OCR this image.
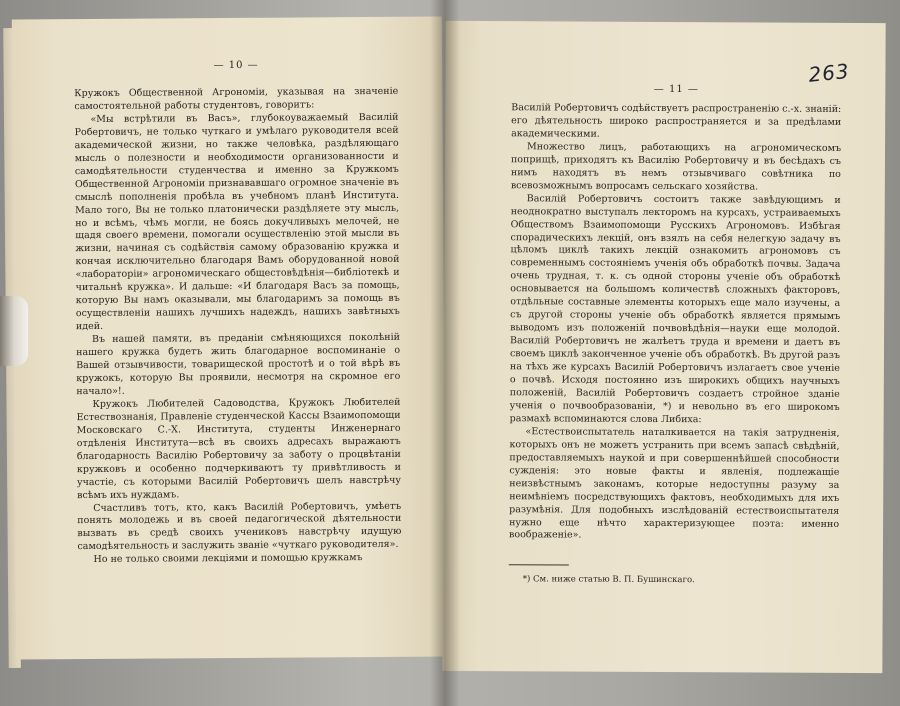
— 10 —

Кружокъ Общественной Агрономіи, указывая на значеніе самостоятельной работы студентовъ, говоритъ:

«Мы встрѣтили въ Васъ», глубокоуважаемый Василій Робертовичъ, не только чуткаго и умѣлаго руководителя всей академической жизни, но также человѣка, раздѣляющаго мысль о полезности и необходимости организованности и самодѣятельности студенчества и именно за Кружкомъ Общественной Агрономіи признававшаго огромное значеніе въ смыслѣ пополненія пробѣла въ учебномъ планѣ Института. Мало того, Вы не только платонически раздѣляете эту мысль, но и всѣмъ, чѣмъ могли, не боясь докучливыхъ мелочей, не щадя своего времени, помогали осуществленію этой мысли въ жизни, начиная съ содѣйствія самому образованію кружка и кончая исключительно благодаря Вамъ оборудованной новой «лабораторіи» агрономическаго общестовѣдѣнія—библіотекѣ и читальнѣ кружка». И дальше: «И благодаря Васъ за помощь, которую Вы намъ оказывали, мы благодаримъ за помощь въ осуществленіи нашихъ лучшихъ надеждъ, нашихъ завѣтныхъ идей.

Въ нашей памяти, въ преданіи смѣняющихся поколѣній нашего кружка будетъ жить благодарное воспоминаніе о Вашей отзывчивости, товарищеской простотѣ и о той вѣрѣ въ кружокъ, которую Вы проявили, несмотря на скромное его начало»!.

Кружокъ Любителей Садоводства, Кружокъ Любителей Естествознанія, Правленіе студенческой Кассы Взаимопомощи Московскаго С.-Х. Института, студенты Инженернаго отдѣленія Института—всѣ въ своихъ адресахъ выражаютъ благодарность Василію Робертовичу за заботу о процвѣтаніи кружковъ и особенно подчеркиваютъ ту привѣтливость и участіе, съ которыми Василій Робертовичъ шелъ навстрѣчу всѣмъ ихъ нуждамъ.

Счастливъ тотъ, кто, какъ Василій Робертовичъ, умѣетъ понять молодежь и въ своей педагогической дѣятельности вызвать въ средѣ своихъ учениковъ навстрѣчу идущую самодѣятельность и заслужить званіе «чуткаго руководителя».

Но не только своими лекціями и помощью кружкамъ

263
— 11 —

Василій Робертовичъ содѣйствуетъ распространенію с.-х. знаній: его дѣятельность широко распространяется и за предѣлами академическими.

Множество лицъ, работающихъ на агрономическомъ поприщѣ, приходятъ къ Василію Робертовичу и въ бесѣдахъ съ нимъ находятъ въ немъ отзывчиваго совѣтника по всевозможнымъ вопросамъ сельскаго хозяйства.

Василій Робертовичъ состоитъ также завѣдующимъ и неоднократно выступалъ лекторомъ на курсахъ, устраиваемыхъ Обществомъ Взаимопомощи Русскихъ Агрономовъ. Избѣгая спорадическихъ лекцій, онъ взялъ на себя нелегкую задачу въ цѣломъ циклѣ такихъ лекцій ознакомить агрономовъ съ современнымъ состояніемъ ученія объ обработкѣ почвы. Задача очень трудная, т. к. съ одной стороны ученіе объ обработкѣ основывается на большомъ количествѣ сложныхъ факторовъ, отдѣльные составные элементы которыхъ еще мало изучены, а съ другой стороны ученіе объ обработкѣ является прямымъ выводомъ изъ положеній почвовѣдѣнія—науки еще молодой. Василій Робертовичъ не жалѣетъ труда и времени и даетъ въ своемъ циклѣ законченное ученіе объ обработкѣ. Въ другой разъ на тѣхъ же курсахъ Василій Робертовичъ излагаетъ свое ученіе о почвѣ. Исходя постоянно изъ широкихъ общихъ научныхъ положеній, Василій Робертовичъ создаетъ стройное зданіе ученія о почвообразованіи, *) и невольно въ его широкомъ размахѣ вспоминаются слова Либиха:

«Естествоиспытатель наталкивается на такія затрудненія, которыхъ онъ не можетъ устранить при всемъ запасѣ свѣдѣній, предоставляемыхъ наукой и при совершеннѣйшей способности сужденія: это новые факты и явленія, подлежащіе неизвѣстнымъ законамъ, которые недоступны разуму за неимѣніемъ посредствующихъ фактовъ, необходимыхъ для ихъ разумѣнія. Для подобныхъ изслѣдованій естествоиспытателя нужно еще нѣчто характеризующее поэта: именно воображеніе».

*) См. ниже статью В. П. Бушинскаго.
